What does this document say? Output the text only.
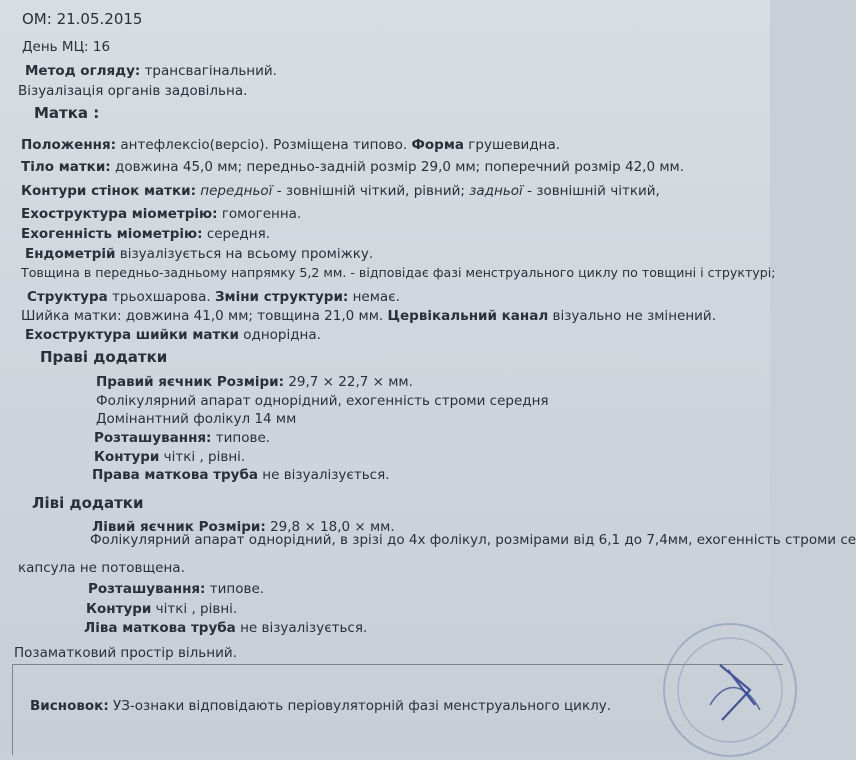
ОМ: 21.05.2015
День МЦ: 16
Метод огляду: трансвагінальний.
Візуалізація органів задовільна.
Матка :
Положення: антефлексіо(версіо). Розміщена типово. Форма грушевидна.
Тіло матки: довжина 45,0 мм; передньо-задній розмір 29,0 мм; поперечний розмір 42,0 мм.
Контури стінок матки: передньої - зовнішній чіткий, рівний; задньої - зовнішній чіткий,
Ехоструктура міометрію: гомогенна.
Exoгенність міометрію: середня.
Ендометрій візуалізується на всьому проміжку.
Товщина в передньо-задньому напрямку 5,2 мм. - відповідає фазі менструального циклу по товщині і структурі;
Структура трьохшарова. Зміни структури: немає.
Шийка матки: довжина 41,0 мм; товщина 21,0 мм. Цервікальний канал візуально не змінений.
Ехоструктура шийки матки однорідна.
Праві додатки
Правий яєчник Розміри: 29,7 × 22,7 × мм.
Фолікулярний апарат однорідний, exoгенність строми середня
Домінантний фолікул 14 мм
Розташування: типове.
Контури чіткі , рівні.
Права маткова труба не візуалізується.
Ліві додатки
Лівий яєчник Розміри: 29,8 × 18,0 × мм.
Фолікулярний апарат однорідний, в зрізі до 4х фолікул, розмірами від 6,1 до 7,4мм, exoгенність строми се
капсула не потовщена.
Розташування: типове.
Контури чіткі , рівні.
Ліва маткова труба не візуалізується.
Позаматковий простір вільний.
Висновок: УЗ-ознаки відповідають періовуляторній фазі менструального циклу.
